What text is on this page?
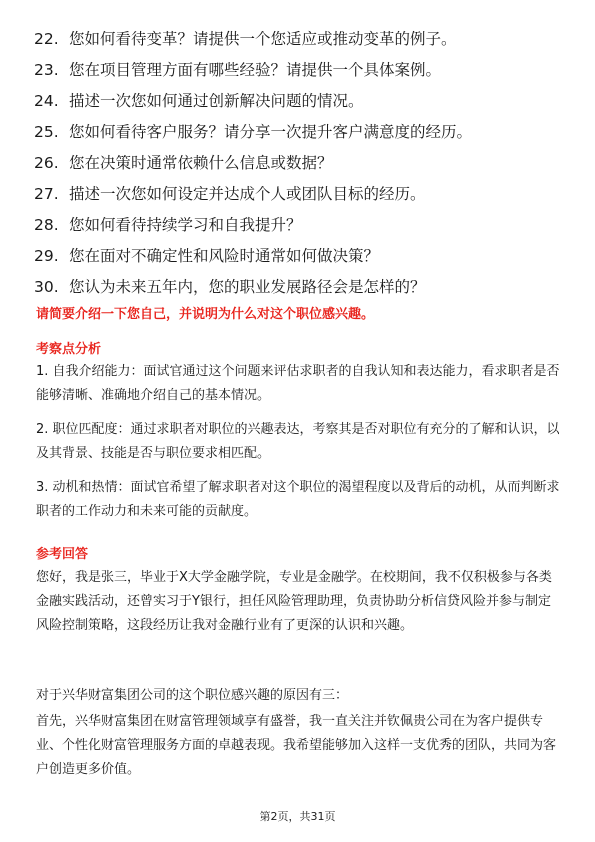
22. 您如何看待变革？请提供一个您适应或推动变革的例子。
23. 您在项目管理方面有哪些经验？请提供一个具体案例。
24. 描述一次您如何通过创新解决问题的情况。
25. 您如何看待客户服务？请分享一次提升客户满意度的经历。
26. 您在决策时通常依赖什么信息或数据？
27. 描述一次您如何设定并达成个人或团队目标的经历。
28. 您如何看待持续学习和自我提升？
29. 您在面对不确定性和风险时通常如何做决策？
30. 您认为未来五年内，您的职业发展路径会是怎样的？
请简要介绍一下您自己，并说明为什么对这个职位感兴趣。
考察点分析
1. 自我介绍能力：面试官通过这个问题来评估求职者的自我认知和表达能力，看求职者是否能够清晰、准确地介绍自己的基本情况。
2. 职位匹配度：通过求职者对职位的兴趣表达，考察其是否对职位有充分的了解和认识，以及其背景、技能是否与职位要求相匹配。
3. 动机和热情：面试官希望了解求职者对这个职位的渴望程度以及背后的动机，从而判断求职者的工作动力和未来可能的贡献度。
参考回答
您好，我是张三，毕业于X大学金融学院，专业是金融学。在校期间，我不仅积极参与各类金融实践活动，还曾实习于Y银行，担任风险管理助理，负责协助分析信贷风险并参与制定风险控制策略，这段经历让我对金融行业有了更深的认识和兴趣。
对于兴华财富集团公司的这个职位感兴趣的原因有三：
首先，兴华财富集团在财富管理领域享有盛誉，我一直关注并钦佩贵公司在为客户提供专业、个性化财富管理服务方面的卓越表现。我希望能够加入这样一支优秀的团队，共同为客户创造更多价值。
第2页，共31页
